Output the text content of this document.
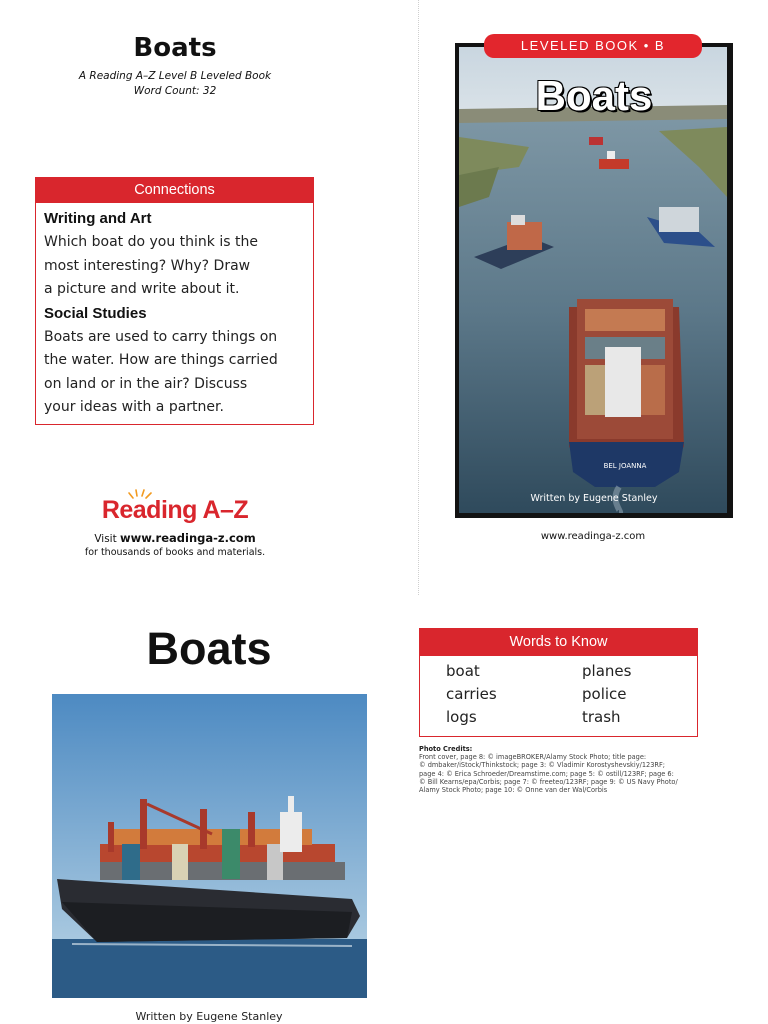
Boats
A Reading A–Z Level B Leveled Book
Word Count: 32
Connections
Writing and Art
Which boat do you think is the
most interesting? Why? Draw
a picture and write about it.
Social Studies
Boats are used to carry things on
the water. How are things carried
on land or in the air? Discuss
your ideas with a partner.
Reading A–Z
Visit www.readinga-z.com
for thousands of books and materials.
BEL JOANNA
LEVELED BOOK • B
Boats
Written by Eugene Stanley
www.readinga-z.com
Boats
Written by Eugene Stanley
Words to Know
boat
carries
logs
planes
police
trash
Photo Credits:
Front cover, page 8: © imageBROKER/Alamy Stock Photo; title page:
© dmbaker/iStock/Thinkstock; page 3: © Vladimir Korostyshevskiy/123RF;
page 4: © Erica Schroeder/Dreamstime.com; page 5: © ostill/123RF; page 6:
© Bill Kearns/epa/Corbis; page 7: © freeteo/123RF; page 9: © US Navy Photo/
Alamy Stock Photo; page 10: © Onne van der Wal/Corbis
